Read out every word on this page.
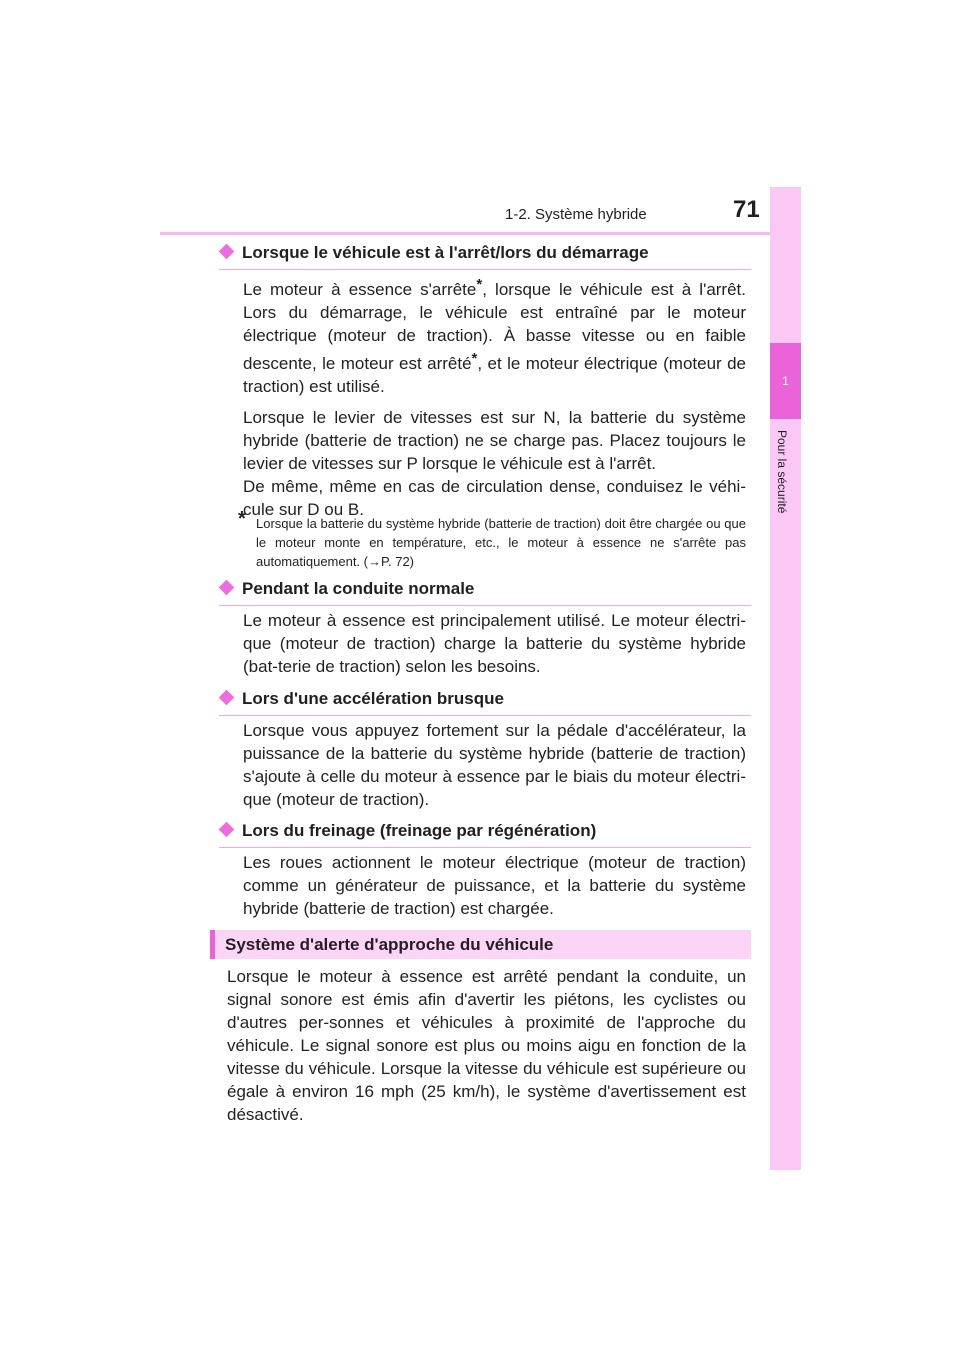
1-2. Système hybride	71
1
Pour la sécurité
Lorsque le véhicule est à l'arrêt/lors du démarrage

Le moteur à essence s'arrête*, lorsque le véhicule est à l'arrêt. Lors du démarrage, le véhicule est entraîné par le moteur électrique (moteur de traction). À basse vitesse ou en faible descente, le moteur est arrêté*, et le moteur électrique (moteur de traction) est utilisé.

Lorsque le levier de vitesses est sur N, la batterie du système hybride (batterie de traction) ne se charge pas. Placez toujours le levier de vitesses sur P lorsque le véhicule est à l'arrêt.

De même, même en cas de circulation dense, conduisez le véhi-cule sur D ou B.

* Lorsque la batterie du système hybride (batterie de traction) doit être chargée ou que le moteur monte en température, etc., le moteur à essence ne s'arrête pas automatiquement. (→P. 72)
Pendant la conduite normale
Le moteur à essence est principalement utilisé. Le moteur électri-que (moteur de traction) charge la batterie du système hybride (bat-terie de traction) selon les besoins.
Lors d'une accélération brusque
Lorsque vous appuyez fortement sur la pédale d'accélérateur, la puissance de la batterie du système hybride (batterie de traction) s'ajoute à celle du moteur à essence par le biais du moteur électri-que (moteur de traction).
Lors du freinage (freinage par régénération)
Les roues actionnent le moteur électrique (moteur de traction) comme un générateur de puissance, et la batterie du système hybride (batterie de traction) est chargée.
Système d'alerte d'approche du véhicule
Lorsque le moteur à essence est arrêté pendant la conduite, un signal sonore est émis afin d'avertir les piétons, les cyclistes ou d'autres per-sonnes et véhicules à proximité de l'approche du véhicule. Le signal sonore est plus ou moins aigu en fonction de la vitesse du véhicule. Lorsque la vitesse du véhicule est supérieure ou égale à environ 16 mph (25 km/h), le système d'avertissement est désactivé.
